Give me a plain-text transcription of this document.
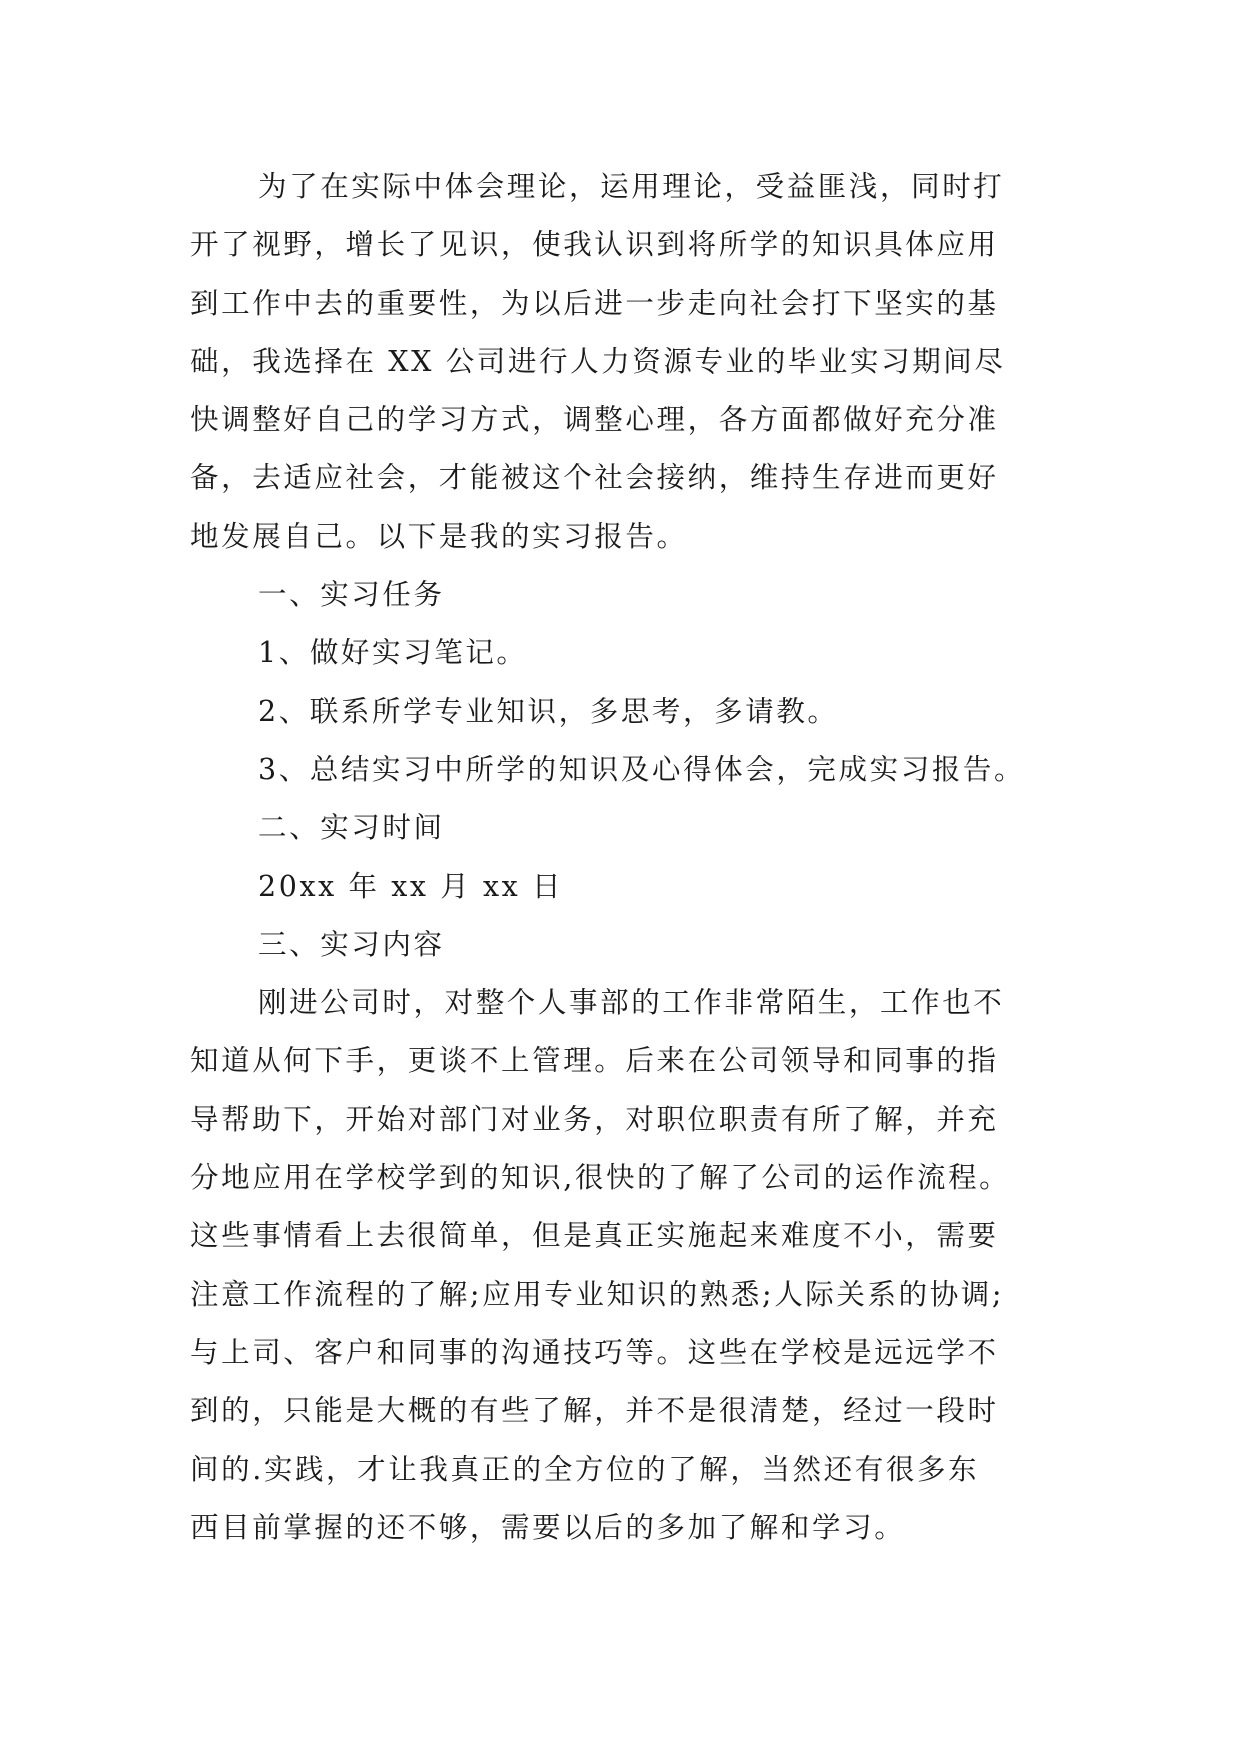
为了在实际中体会理论，运用理论，受益匪浅，同时打
开了视野，增长了见识，使我认识到将所学的知识具体应用
到工作中去的重要性，为以后进一步走向社会打下坚实的基
础，我选择在 XX 公司进行人力资源专业的毕业实习期间尽
快调整好自己的学习方式，调整心理，各方面都做好充分准
备，去适应社会，才能被这个社会接纳，维持生存进而更好
地发展自己。以下是我的实习报告。
一、实习任务
1、做好实习笔记。
2、联系所学专业知识，多思考，多请教。
3、总结实习中所学的知识及心得体会，完成实习报告。
二、实习时间
20xx 年 xx 月 xx 日
三、实习内容
刚进公司时，对整个人事部的工作非常陌生，工作也不
知道从何下手，更谈不上管理。后来在公司领导和同事的指
导帮助下，开始对部门对业务，对职位职责有所了解，并充
分地应用在学校学到的知识,很快的了解了公司的运作流程。
这些事情看上去很简单，但是真正实施起来难度不小，需要
注意工作流程的了解;应用专业知识的熟悉;人际关系的协调;
与上司、客户和同事的沟通技巧等。这些在学校是远远学不
到的，只能是大概的有些了解，并不是很清楚，经过一段时
间的.实践，才让我真正的全方位的了解，当然还有很多东
西目前掌握的还不够，需要以后的多加了解和学习。
